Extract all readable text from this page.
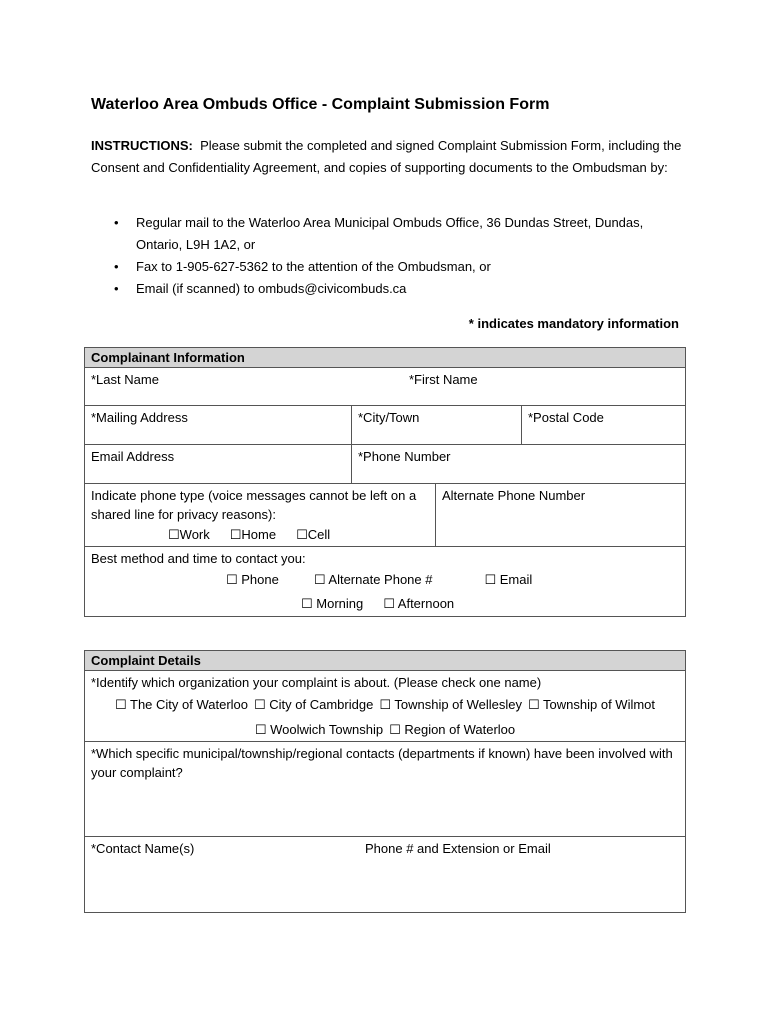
Waterloo Area Ombuds Office - Complaint Submission Form
INSTRUCTIONS: Please submit the completed and signed Complaint Submission Form, including the Consent and Confidentiality Agreement, and copies of supporting documents to the Ombudsman by:
• Regular mail to the Waterloo Area Municipal Ombuds Office, 36 Dundas Street, Dundas, Ontario, L9H 1A2, or
• Fax to 1-905-627-5362 to the attention of the Ombudsman, or
• Email (if scanned) to ombuds@civicombuds.ca
* indicates mandatory information
Complainant Information
*Last Name	*First Name
*Mailing Address	*City/Town	*Postal Code
Email Address	*Phone Number
Indicate phone type (voice messages cannot be left on a shared line for privacy reasons):
☐Work ☐Home ☐Cell
Alternate Phone Number
Best method and time to contact you:
☐ Phone	☐ Alternate Phone #	☐ Email
☐ Morning ☐ Afternoon
Complaint Details
*Identify which organization your complaint is about. (Please check one name)
☐ The City of Waterloo ☐ City of Cambridge ☐ Township of Wellesley ☐ Township of Wilmot
☐ Woolwich Township ☐ Region of Waterloo
*Which specific municipal/township/regional contacts (departments if known) have been involved with your complaint?
*Contact Name(s)	Phone # and Extension or Email
